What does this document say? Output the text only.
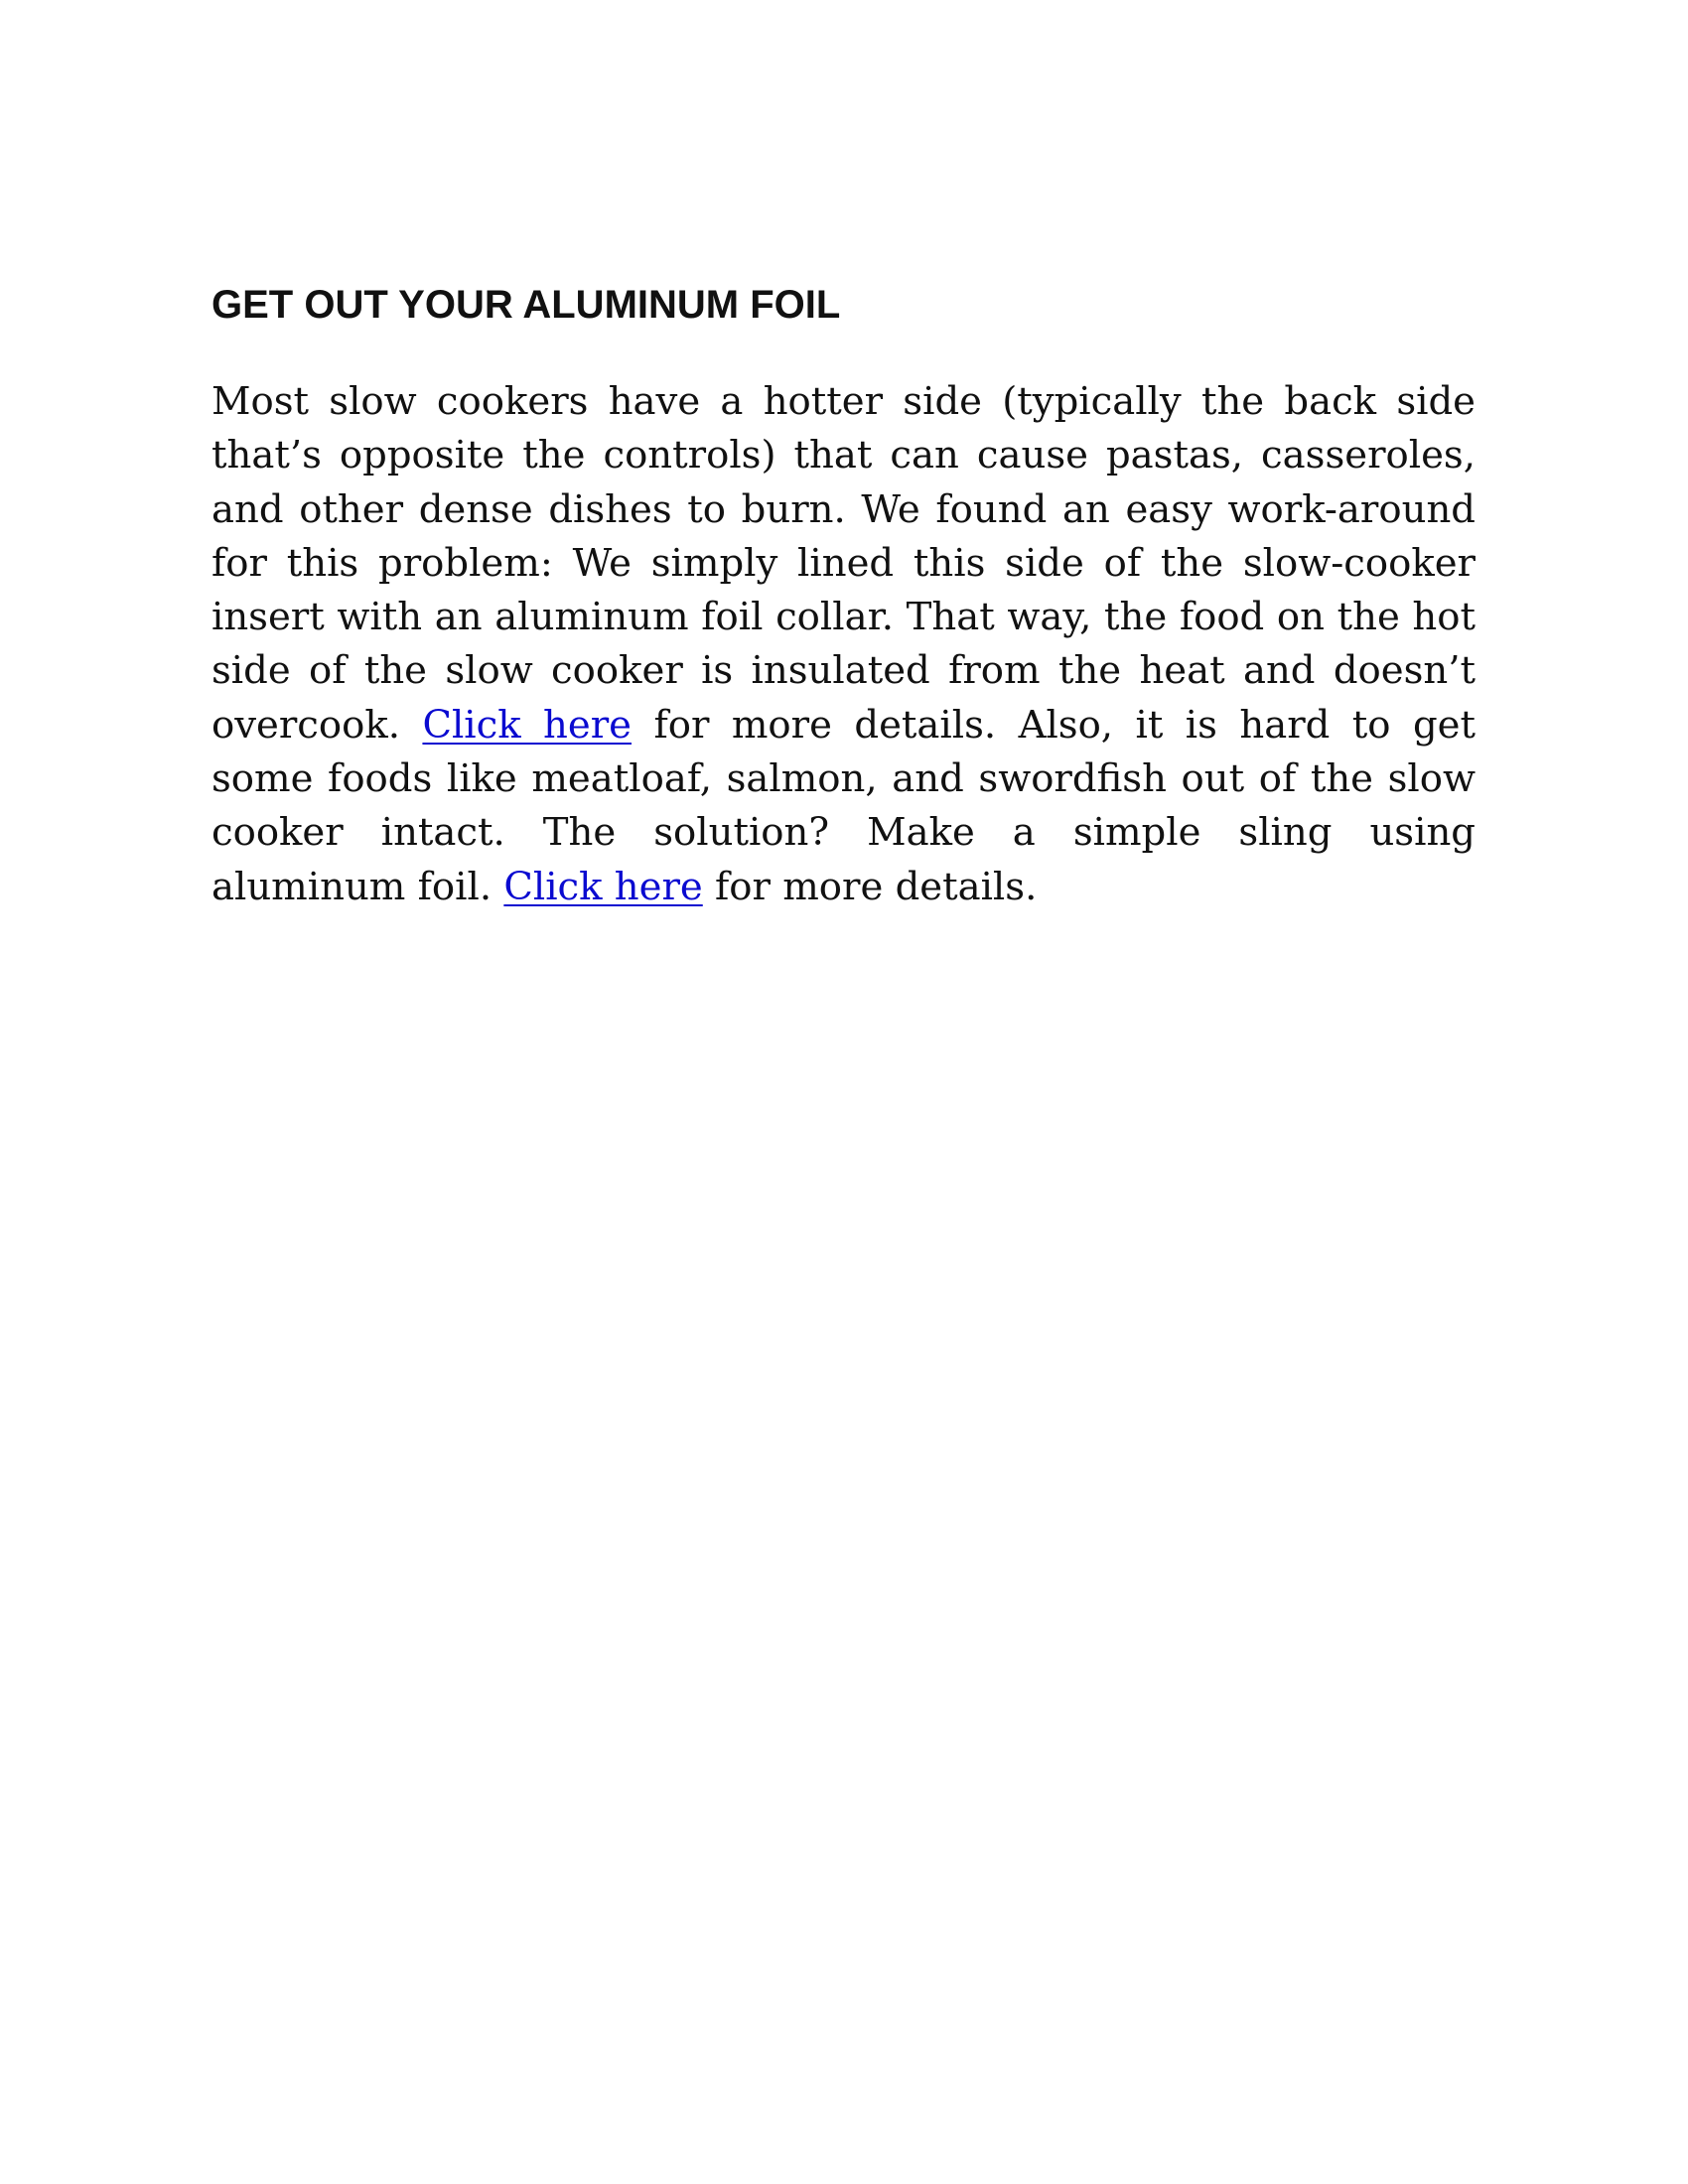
GET OUT YOUR ALUMINUM FOIL

Most slow cookers have a hotter side (typically the back side that’s opposite the controls) that can cause pastas, casseroles, and other dense dishes to burn. We found an easy work-around for this problem: We simply lined this side of the slow-cooker insert with an aluminum foil collar. That way, the food on the hot side of the slow cooker is insulated from the heat and doesn’t overcook. Click here for more details. Also, it is hard to get some foods like meatloaf, salmon, and swordfish out of the slow cooker intact. The solution? Make a simple sling using aluminum foil. Click here for more details.
